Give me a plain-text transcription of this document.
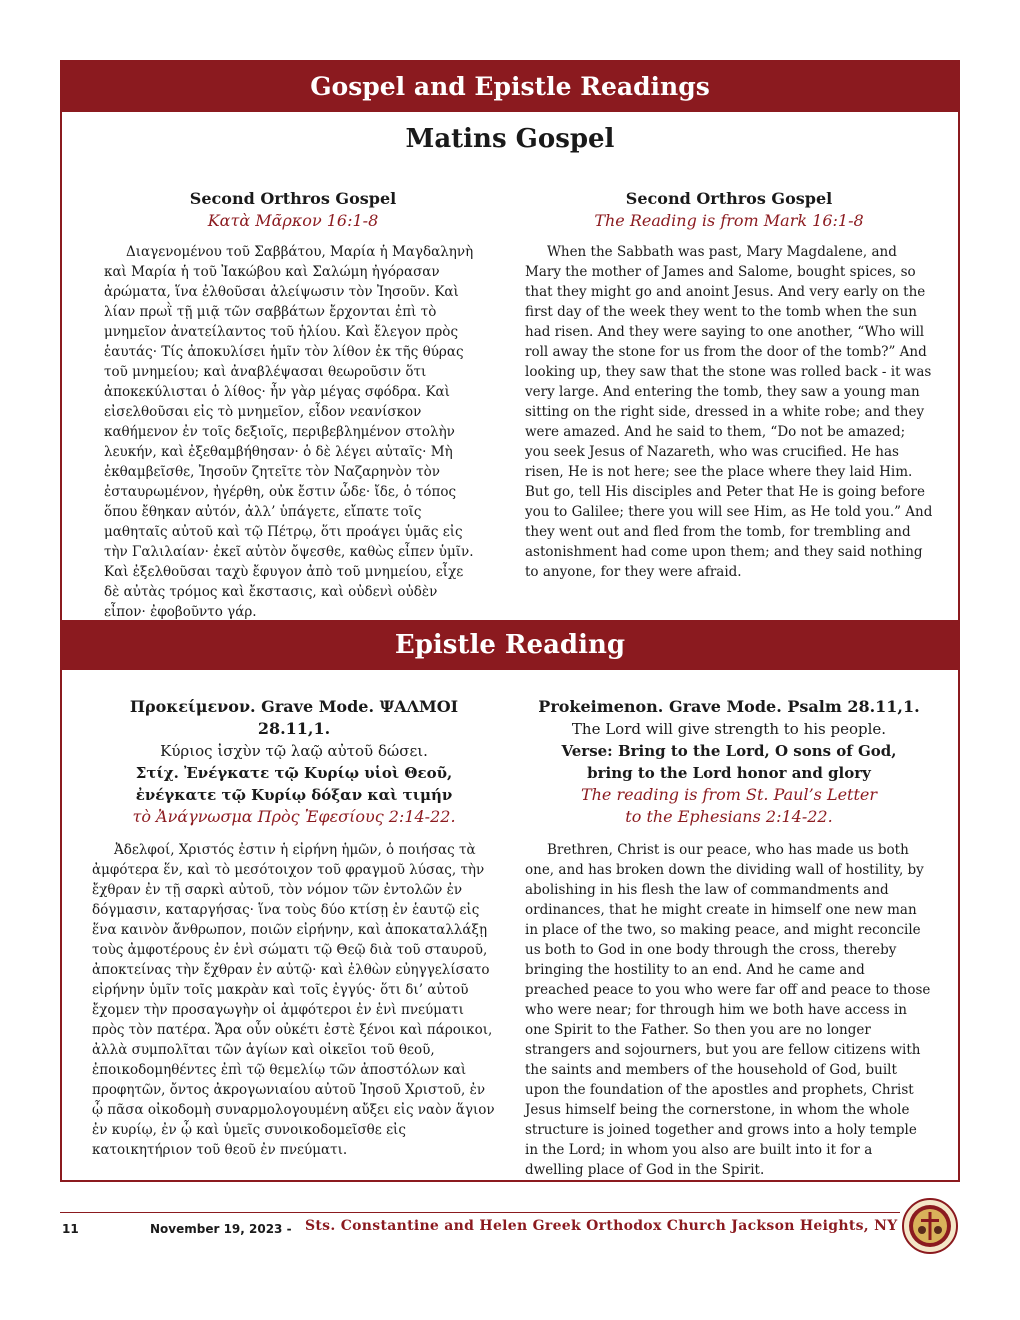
Gospel and Epistle Readings
Matins Gospel
Second Orthros Gospel
Κατὰ Μᾶρκον 16:1-8
Διαγενομένου τοῦ Σαββάτου, Μαρία ἡ Μαγδαληνὴ καὶ Μαρία ἡ τοῦ Ἰακώβου καὶ Σαλώμη ἠγόρασαν ἀρώματα, ἵνα ἐλθοῦσαι ἀλείψωσιν τὸν Ἰησοῦν. Καὶ λίαν πρωῒ τῇ μιᾷ τῶν σαββάτων ἔρχονται ἐπὶ τὸ μνημεῖον ἀνατείλαντος τοῦ ἡλίου. Καὶ ἔλεγον πρὸς ἑαυτάς· Τίς ἀποκυλίσει ἡμῖν τὸν λίθον ἐκ τῆς θύρας τοῦ μνημείου; καὶ ἀναβλέψασαι θεωροῦσιν ὅτι ἀποκεκύλισται ὁ λίθος· ἦν γὰρ μέγας σφόδρα. Καὶ εἰσελθοῦσαι εἰς τὸ μνημεῖον, εἶδον νεανίσκον καθήμενον ἐν τοῖς δεξιοῖς, περιβεβλημένον στολὴν λευκήν, καὶ ἐξεθαμβήθησαν· ὁ δὲ λέγει αὐταῖς· Μὴ ἐκθαμβεῖσθε, Ἰησοῦν ζητεῖτε τὸν Ναζαρηνὸν τὸν ἐσταυρωμένον, ἠγέρθη, οὐκ ἔστιν ὧδε· ἴδε, ὁ τόπος ὅπου ἔθηκαν αὐτόν, ἀλλ’ ὑπάγετε, εἴπατε τοῖς μαθηταῖς αὐτοῦ καὶ τῷ Πέτρῳ, ὅτι προάγει ὑμᾶς εἰς τὴν Γαλιλαίαν· ἐκεῖ αὐτὸν ὄψεσθε, καθὼς εἶπεν ὑμῖν. Καὶ ἐξελθοῦσαι ταχὺ ἔφυγον ἀπὸ τοῦ μνημείου, εἶχε δὲ αὐτὰς τρόμος καὶ ἔκστασις, καὶ οὐδενὶ οὐδὲν εἶπον· ἐφοβοῦντο γάρ.
Second Orthros Gospel
The Reading is from Mark 16:1-8
When the Sabbath was past, Mary Magdalene, and Mary the mother of James and Salome, bought spices, so that they might go and anoint Jesus. And very early on the first day of the week they went to the tomb when the sun had risen. And they were saying to one another, “Who will roll away the stone for us from the door of the tomb?” And looking up, they saw that the stone was rolled back - it was very large. And entering the tomb, they saw a young man sitting on the right side, dressed in a white robe; and they were amazed. And he said to them, “Do not be amazed; you seek Jesus of Nazareth, who was crucified. He has risen, He is not here; see the place where they laid Him. But go, tell His disciples and Peter that He is going before you to Galilee; there you will see Him, as He told you.” And they went out and fled from the tomb, for trembling and astonishment had come upon them; and they said nothing to anyone, for they were afraid.
Epistle Reading
Προκείμενον. Grave Mode. ΨΑΛΜΟΙ 28.11,1.
Κύριος ἰσχὺν τῷ λαῷ αὐτοῦ δώσει.
Στίχ. Ἐνέγκατε τῷ Κυρίῳ υἱοὶ Θεοῦ,
ἐνέγκατε τῷ Κυρίῳ δόξαν καὶ τιμήν
τὸ Ἀνάγνωσμα Πρὸς Ἐφεσίους 2:14-22.
Ἀδελφοί, Χριστός ἐστιν ἡ εἰρήνη ἡμῶν, ὁ ποιήσας τὰ ἀμφότερα ἕν, καὶ τὸ μεσότοιχον τοῦ φραγμοῦ λύσας, τὴν ἔχθραν ἐν τῇ σαρκὶ αὐτοῦ, τὸν νόμον τῶν ἐντολῶν ἐν δόγμασιν, καταργήσας· ἵνα τοὺς δύο κτίσῃ ἐν ἑαυτῷ εἰς ἕνα καινὸν ἄνθρωπον, ποιῶν εἰρήνην, καὶ ἀποκαταλλάξῃ τοὺς ἀμφοτέρους ἐν ἑνὶ σώματι τῷ Θεῷ διὰ τοῦ σταυροῦ, ἀποκτείνας τὴν ἔχθραν ἐν αὐτῷ· καὶ ἐλθὼν εὐηγγελίσατο εἰρήνην ὑμῖν τοῖς μακρὰν καὶ τοῖς ἐγγύς· ὅτι δι’ αὐτοῦ ἔχομεν τὴν προσαγωγὴν οἱ ἀμφότεροι ἐν ἑνὶ πνεύματι πρὸς τὸν πατέρα. Ἄρα οὖν οὐκέτι ἐστὲ ξένοι καὶ πάροικοι, ἀλλὰ συμπολῖται τῶν ἁγίων καὶ οἰκεῖοι τοῦ θεοῦ, ἐποικοδομηθέντες ἐπὶ τῷ θεμελίῳ τῶν ἀποστόλων καὶ προφητῶν, ὄντος ἀκρογωνιαίου αὐτοῦ Ἰησοῦ Χριστοῦ, ἐν ᾧ πᾶσα οἰκοδομὴ συναρμολογουμένη αὔξει εἰς ναὸν ἅγιον ἐν κυρίῳ, ἐν ᾧ καὶ ὑμεῖς συνοικοδομεῖσθε εἰς κατοικητήριον τοῦ θεοῦ ἐν πνεύματι.
Prokeimenon. Grave Mode. Psalm 28.11,1.
The Lord will give strength to his people.
Verse: Bring to the Lord, O sons of God,
bring to the Lord honor and glory
The reading is from St. Paul’s Letter
to the Ephesians 2:14-22.
Brethren, Christ is our peace, who has made us both one, and has broken down the dividing wall of hostility, by abolishing in his flesh the law of commandments and ordinances, that he might create in himself one new man in place of the two, so making peace, and might reconcile us both to God in one body through the cross, thereby bringing the hostility to an end. And he came and preached peace to you who were far off and peace to those who were near; for through him we both have access in one Spirit to the Father. So then you are no longer strangers and sojourners, but you are fellow citizens with the saints and members of the household of God, built upon the foundation of the apostles and prophets, Christ Jesus himself being the cornerstone, in whom the whole structure is joined together and grows into a holy temple in the Lord; in whom you also are built into it for a dwelling place of God in the Spirit.
11	November 19, 2023 - Sts. Constantine and Helen Greek Orthodox Church Jackson Heights, NY
